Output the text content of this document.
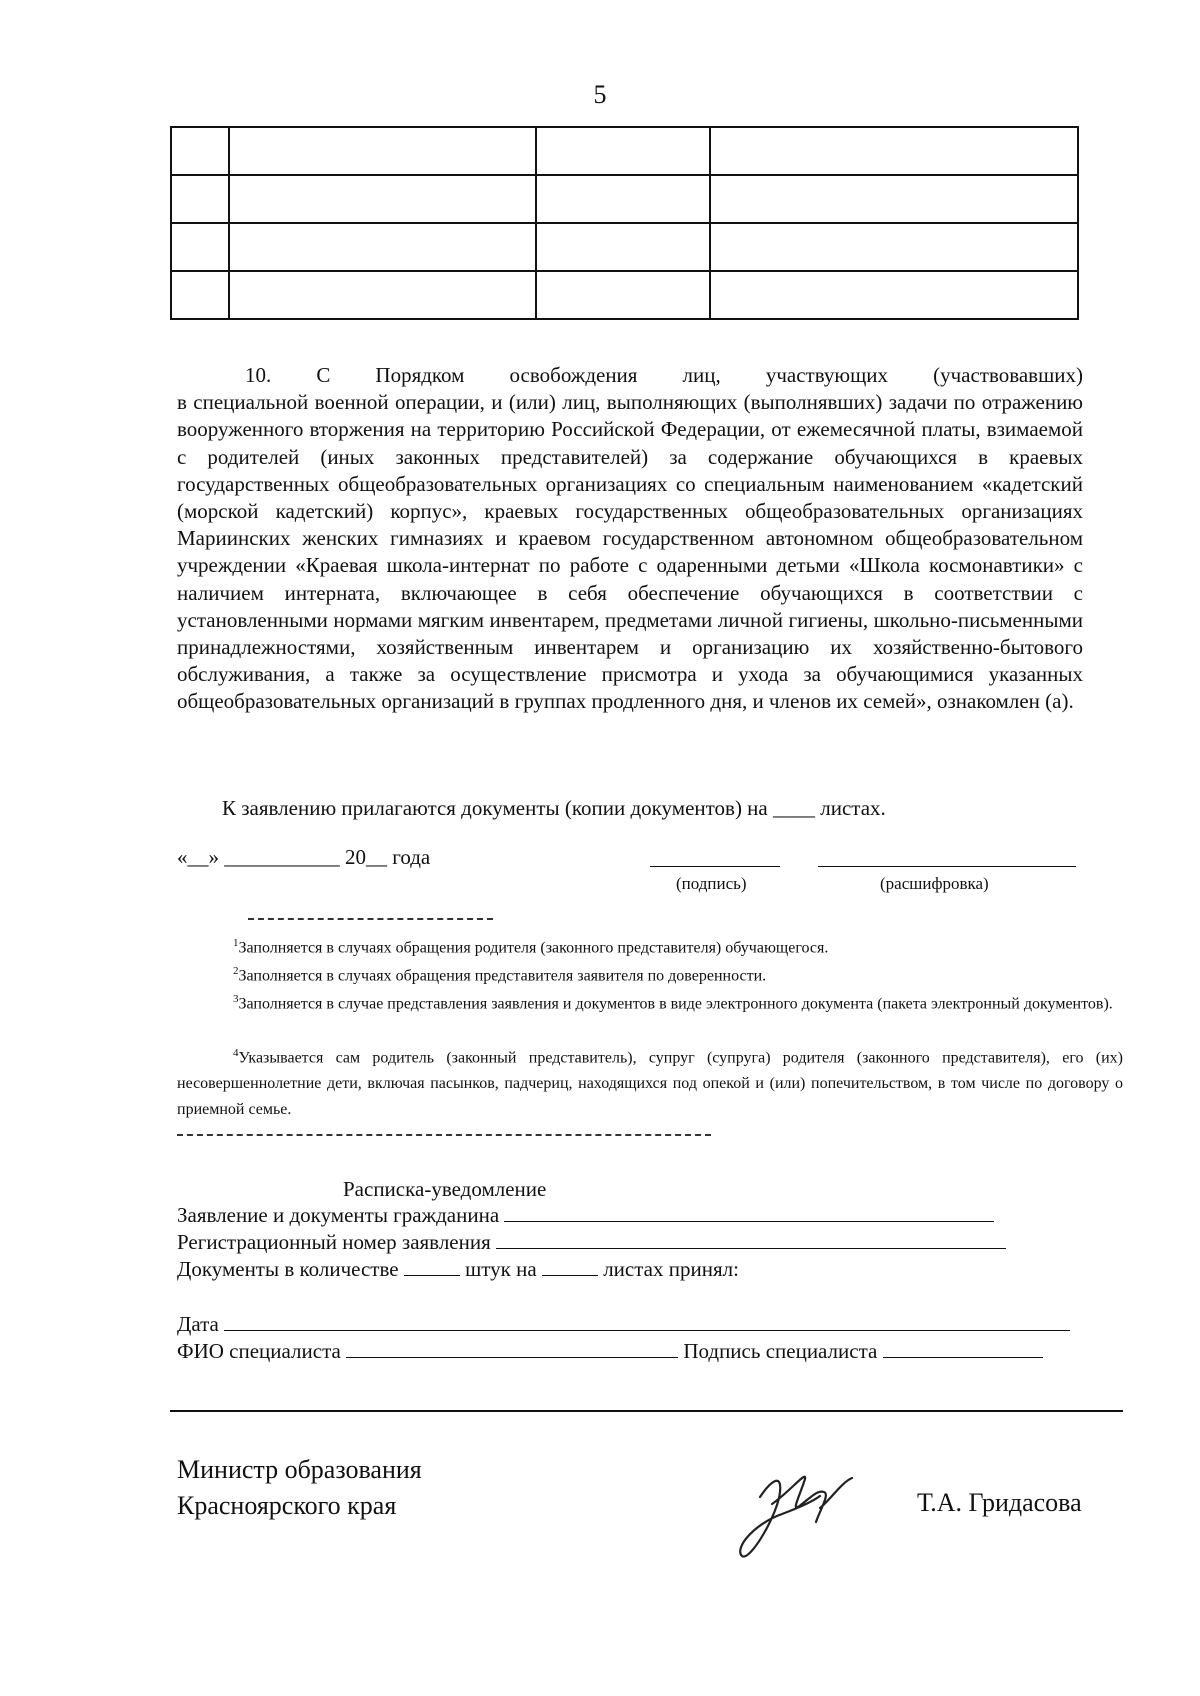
5

10. С Порядком освобождения лиц, участвующих (участвовавших)
в специальной военной операции, и (или) лиц, выполняющих (выполнявших) задачи по отражению вооруженного вторжения на территорию Российской Федерации, от ежемесячной платы, взимаемой с родителей (иных законных представителей) за содержание обучающихся в краевых государственных общеобразовательных организациях со специальным наименованием «кадетский (морской кадетский) корпус», краевых государственных общеобразовательных организациях Мариинских женских гимназиях и краевом государственном автономном общеобразовательном учреждении «Краевая школа-интернат по работе с одаренными детьми «Школа космонавтики» с наличием интерната, включающее в себя обеспечение обучающихся в соответствии с установленными нормами мягким инвентарем, предметами личной гигиены, школьно-письменными принадлежностями, хозяйственным инвентарем и организацию их хозяйственно-бытового обслуживания, а также за осуществление присмотра и ухода за обучающимися указанных общеобразовательных организаций в группах продленного дня, и членов их семей», ознакомлен (а).
К заявлению прилагаются документы (копии документов) на ____ листах.
«__» ___________ 20__ года
(подпись)	(расшифровка)
$^1$Заполняется в случаях обращения родителя (законного представителя) обучающегося.
$^2$Заполняется в случаях обращения представителя заявителя по доверенности.
$^3$Заполняется в случае представления заявления и документов в виде электронного документа (пакета электронный документов).
$^4$Указывается сам родитель (законный представитель), супруг (супруга) родителя (законного представителя), его (их) несовершеннолетние дети, включая пасынков, падчериц, находящихся под опекой и (или) попечительством, в том числе по договору о приемной семье.
Расписка-уведомление
Заявление и документы гражданина
Регистрационный номер заявления
Документы в количестве	штук на	листах принял:
Дата
ФИО специалиста	Подпись специалиста
Министр образования
Красноярского края	Т.А. Гридасова
